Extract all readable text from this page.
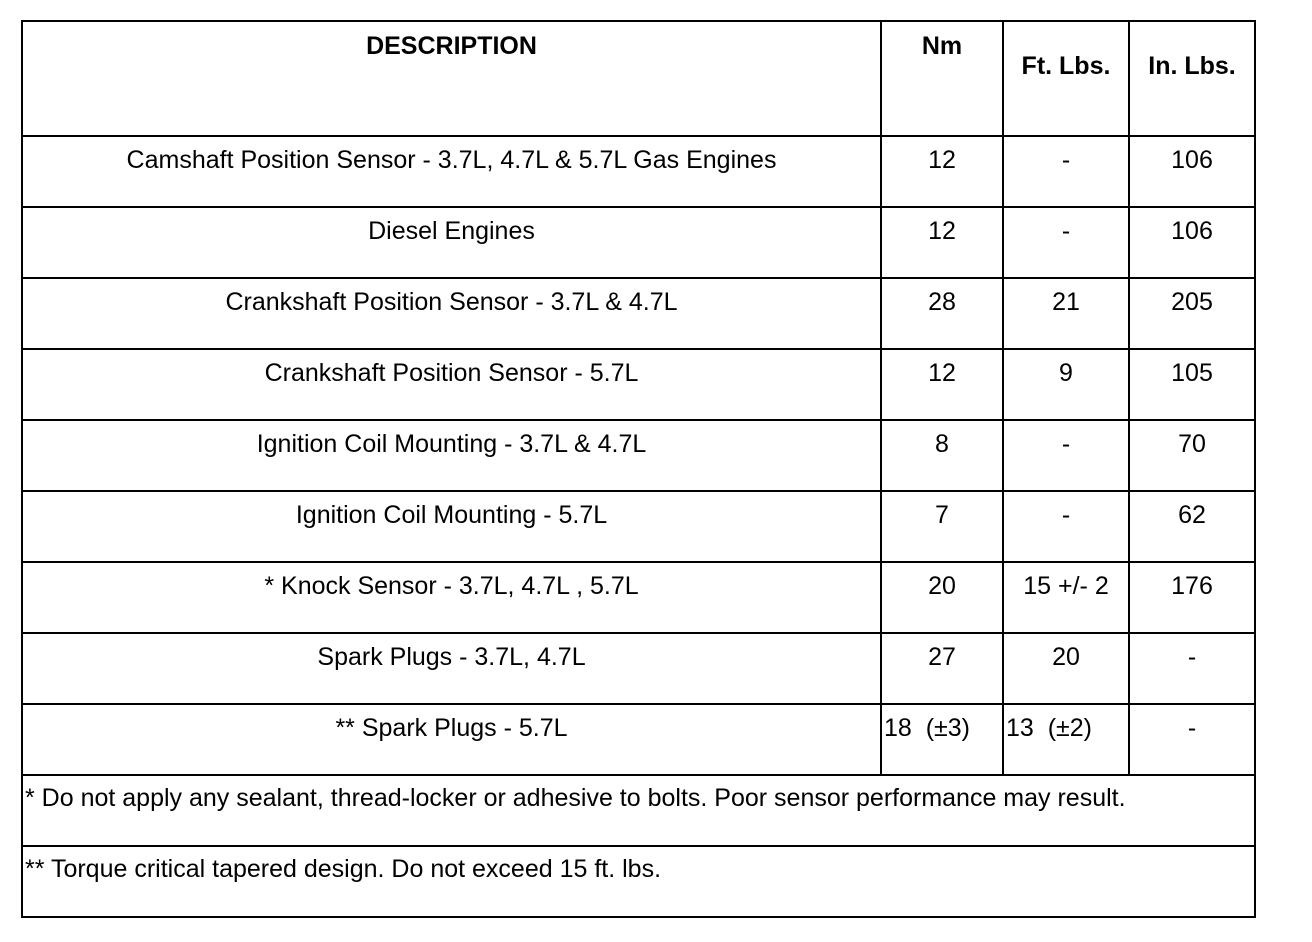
DESCRIPTION	Nm	Ft. Lbs.	In. Lbs.

Camshaft Position Sensor - 3.7L, 4.7L & 5.7L Gas Engines	12	-	106

Diesel Engines	12	-	106

Crankshaft Position Sensor - 3.7L & 4.7L	28	21	205

Crankshaft Position Sensor - 5.7L	12	9	105

Ignition Coil Mounting - 3.7L & 4.7L	8	-	70

Ignition Coil Mounting - 5.7L	7	-	62

* Knock Sensor - 3.7L, 4.7L , 5.7L	20	15 +/- 2	176

Spark Plugs - 3.7L, 4.7L	27	20	-

** Spark Plugs - 5.7L	18  (±3)	13  (±2)	-

* Do not apply any sealant, thread-locker or adhesive to bolts. Poor sensor performance may result.			

** Torque critical tapered design. Do not exceed 15 ft. lbs.			
